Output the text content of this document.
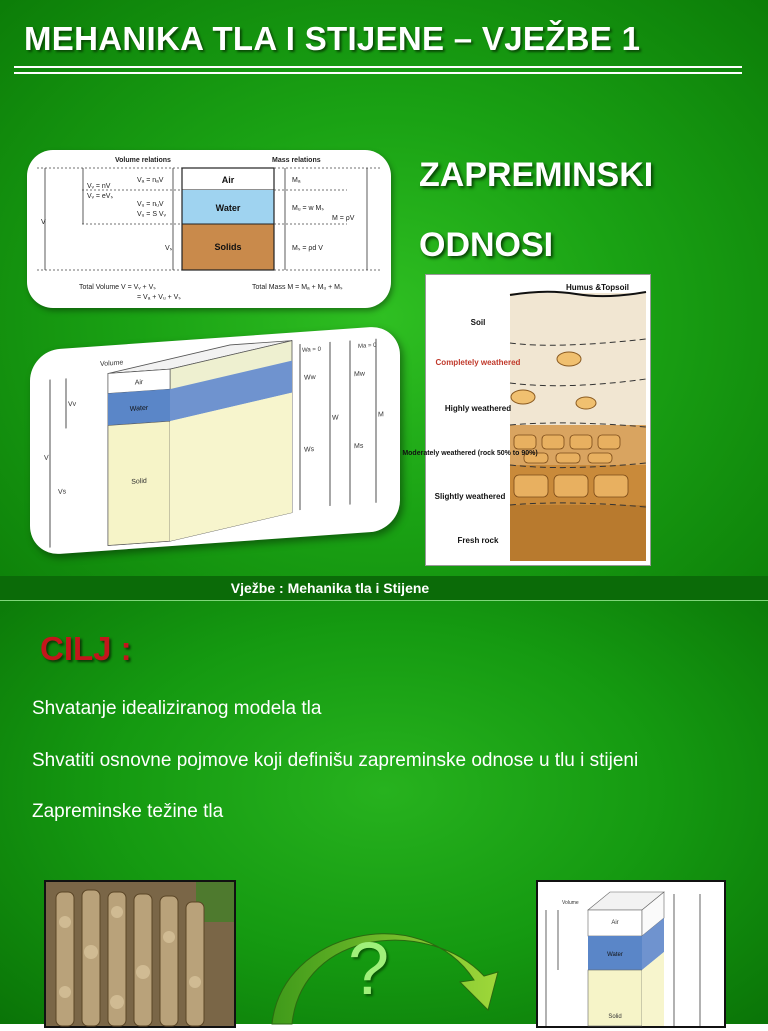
MEHANIKA TLA I STIJENE – VJEŽBE 1
ZAPREMINSKI
ODNOSI
Volume relations	Mass relations
Air
Water
Solids
V
Vᵥ = nV
Vᵥ = eVₛ
Vₐ = nₐV
Vᵤ = nᵤV
Vᵤ = S Vᵥ
Vₛ
Mₐ
Mᵤ = w Mₛ
Mₛ = ρd V
M = ρV
Total Volume V = Vᵥ + Vₛ
= Vₐ + Vᵤ + Vₛ
Total Mass M = Mₐ + Mᵤ + Mₛ
Air
Water
Solid
Volume
V
Vv
Vs
Wa = 0
Ma = 0
Ww	Mw
W	M
Ws	Ms
Humus &Topsoil
Soil
Completely weathered
Highly weathered
Moderately weathered (rock 50% to 90%)
Slightly weathered
Fresh rock
Vježbe : Mehanika tla i Stijene
CILJ :
Shvatanje idealiziranog modela tla
Shvatiti osnovne pojmove koji definišu zapreminske odnose u tlu i stijeni
Zapreminske težine tla
?
Volume
Air
Water
Solid
